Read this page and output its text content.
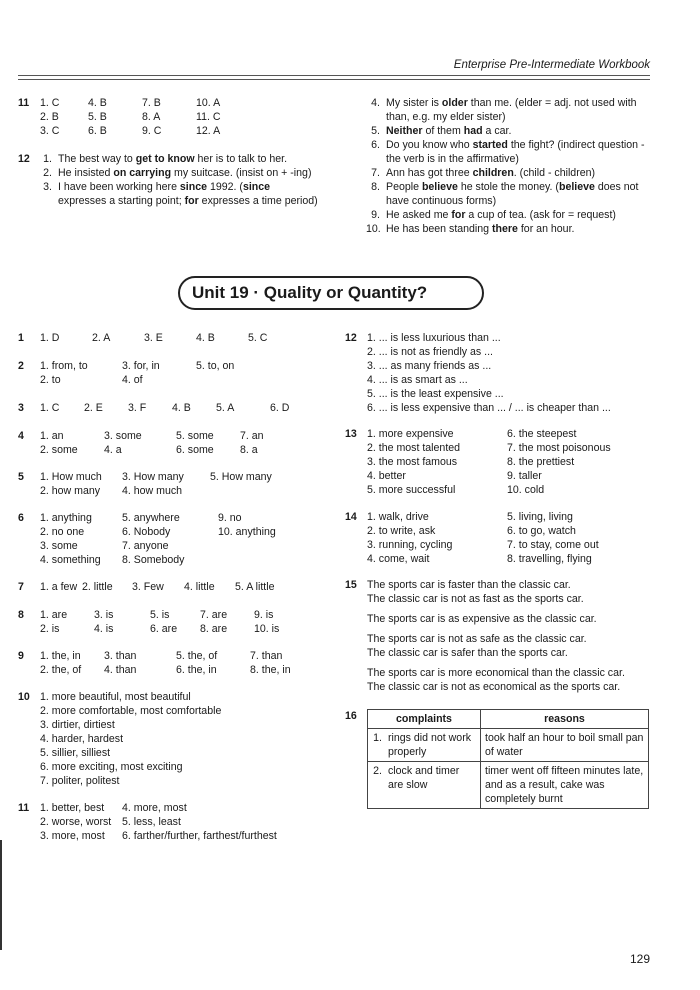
Enterprise Pre-Intermediate Workbook
11 1. C	4. B	7. B	10. A
2. B	5. B	8. A	11. C
3. C	6. B	9. C	12. A
12 1. The best way to get to know her is to talk to her.
2. He insisted on carrying my suitcase. (insist on + -ing)
3. I have been working here since 1992. (since expresses a starting point; for expresses a time period)
4. My sister is older than me. (elder = adj. not used with than, e.g. my elder sister)
5. Neither of them had a car.
6. Do you know who started the fight? (indirect question - the verb is in the affirmative)
7. Ann has got three children. (child - children)
8. People believe he stole the money. (believe does not have continuous forms)
9. He asked me for a cup of tea. (ask for = request)
10. He has been standing there for an hour.
Unit 19 · Quality or Quantity?
1 1. D	2. A	3. E	4. B	5. C
2 1. from, to	3. for, in	5. to, on
2. to	4. of
3 1. C 2. E 3. F 4. B 5. A	6. D
4 1. an	3. some	5. some 7. an
2. some 4. a	6. some 8. a
5 1. How much 3. How many 5. How many
2. how many 4. how much
6 1. anything	5. anywhere	9. no
2. no one	6. Nobody	10. anything
3. some	7. anyone
4. something 8. Somebody
7 1. a few 2. little 3. Few 4. little 5. A little
8 1. are	3. is	5. is	7. are	9. is
2. is	4. is	6. are 8. are	10. is
9 1. the, in 3. than	5. the, of	7. than
2. the, of 4. than	6. the, in	8. the, in
10 1. more beautiful, most beautiful
2. more comfortable, most comfortable
3. dirtier, dirtiest
4. harder, hardest
5. sillier, silliest
6. more exciting, most exciting
7. politer, politest
11 1. better, best 4. more, most
2. worse, worst 5. less, least
3. more, most 6. farther/further, farthest/furthest
12 1. ... is less luxurious than ...
2. ... is not as friendly as ...
3. ... as many friends as ...
4. ... is as smart as ...
5. ... is the least expensive ...
6. ... is less expensive than ... / ... is cheaper than ...
13 1. more expensive	6. the steepest
2. the most talented	7. the most poisonous
3. the most famous	8. the prettiest
4. better	9. taller
5. more successful	10. cold
14 1. walk, drive	5. living, living
2. to write, ask	6. to go, watch
3. running, cycling	7. to stay, come out
4. come, wait	8. travelling, flying
15 The sports car is faster than the classic car.
The classic car is not as fast as the sports car.
The sports car is as expensive as the classic car.
The sports car is not as safe as the classic car.
The classic car is safer than the sports car.
The sports car is more economical than the classic car.
The classic car is not as economical as the sports car.
16	complaints	reasons

1. rings did not work properly	took half an hour to boil small pan of water

2. clock and timer are slow	timer went off fifteen minutes late, and as a result, cake was completely burnt
129
